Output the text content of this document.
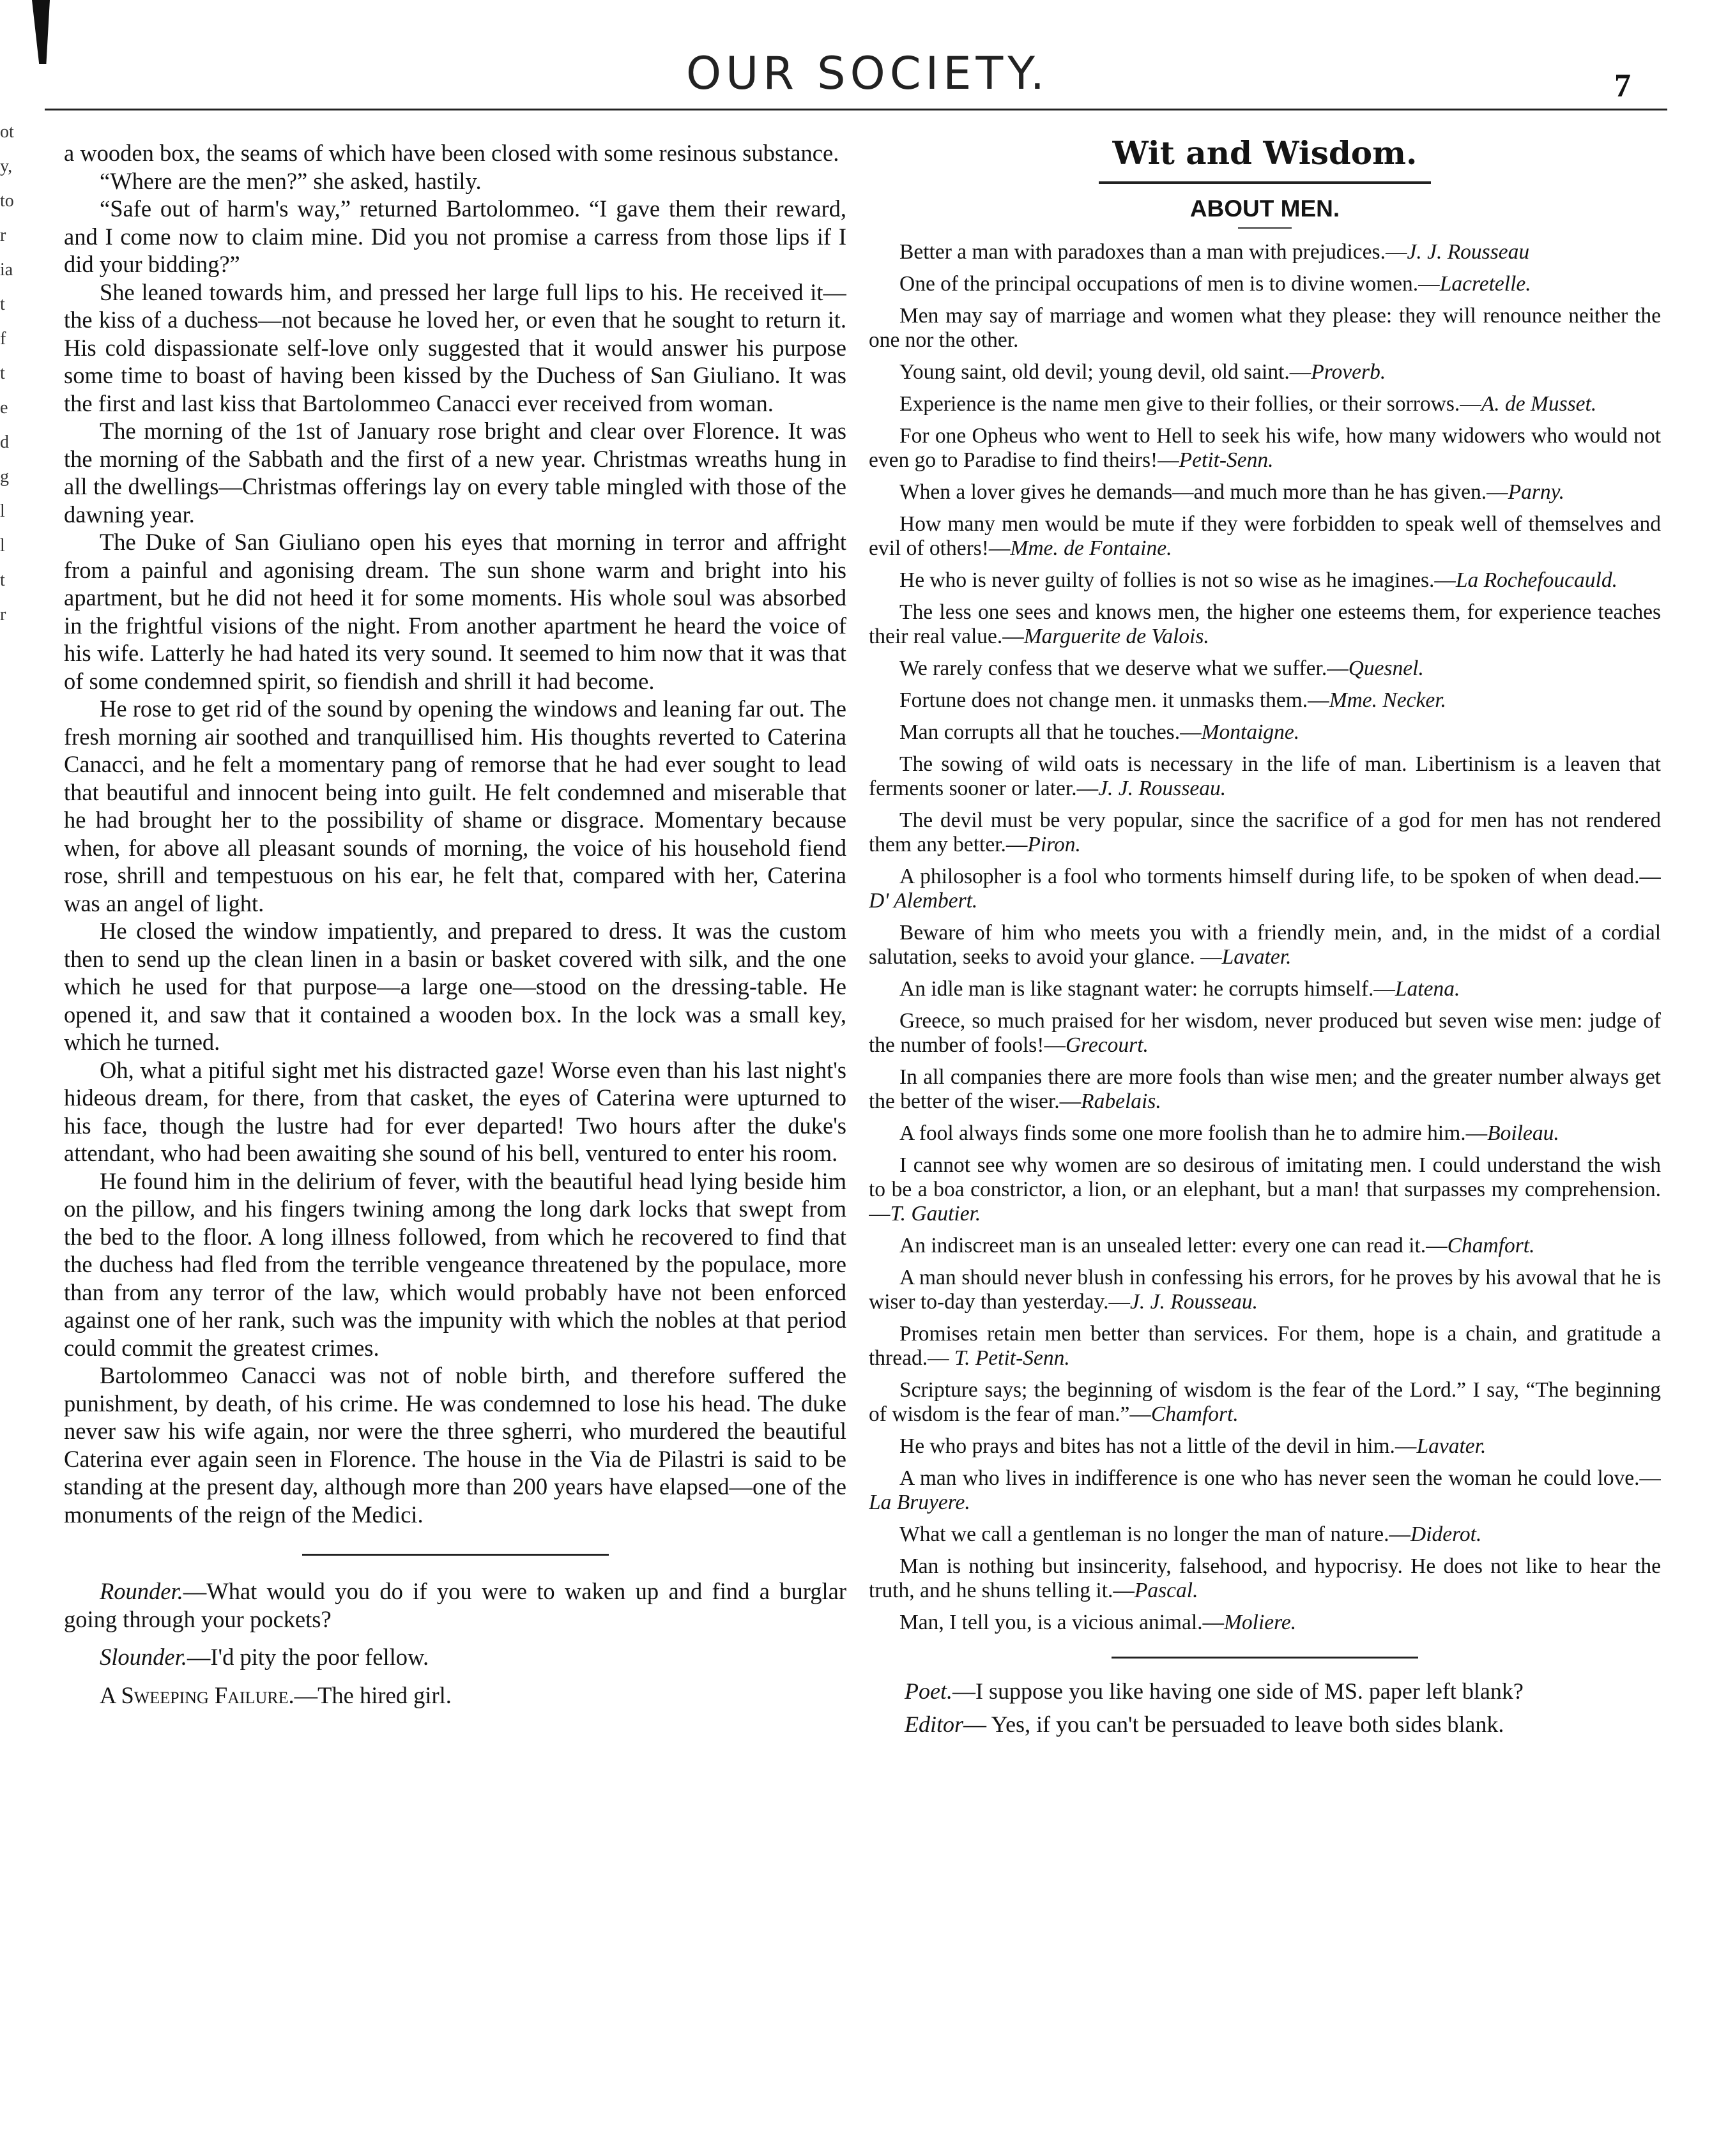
OUR SOCIETY.	7
ot
y,
to
r
ia
t
f
t
e
d
g
l
l
t
r

a wooden box, the seams of which have been closed with some resinous substance.

“Where are the men?” she asked, hastily.

“Safe out of harm's way,” returned Bartolommeo. “I gave them their reward, and I come now to claim mine. Did you not promise a carress from those lips if I did your bidding?”

She leaned towards him, and pressed her large full lips to his. He received it—the kiss of a duchess—not because he loved her, or even that he sought to return it. His cold dispassionate self-love only suggested that it would answer his purpose some time to boast of having been kissed by the Duchess of San Giuliano. It was the first and last kiss that Bartolommeo Canacci ever received from woman.

The morning of the 1st of January rose bright and clear over Florence. It was the morning of the Sabbath and the first of a new year. Christmas wreaths hung in all the dwellings—Christmas offerings lay on every table mingled with those of the dawning year.

The Duke of San Giuliano open his eyes that morning in terror and affright from a painful and agonising dream. The sun shone warm and bright into his apartment, but he did not heed it for some moments. His whole soul was absorbed in the frightful visions of the night. From another apartment he heard the voice of his wife. Latterly he had hated its very sound. It seemed to him now that it was that of some condemned spirit, so fiendish and shrill it had become.

He rose to get rid of the sound by opening the windows and leaning far out. The fresh morning air soothed and tranquillised him. His thoughts reverted to Caterina Canacci, and he felt a momentary pang of remorse that he had ever sought to lead that beautiful and innocent being into guilt. He felt condemned and miserable that he had brought her to the possibility of shame or disgrace. Momentary because when, for above all pleasant sounds of morning, the voice of his household fiend rose, shrill and tempestuous on his ear, he felt that, compared with her, Caterina was an angel of light.

He closed the window impatiently, and prepared to dress. It was the custom then to send up the clean linen in a basin or basket covered with silk, and the one which he used for that purpose—a large one—stood on the dressing-table. He opened it, and saw that it contained a wooden box. In the lock was a small key, which he turned.

Oh, what a pitiful sight met his distracted gaze! Worse even than his last night's hideous dream, for there, from that casket, the eyes of Caterina were upturned to his face, though the lustre had for ever departed! Two hours after the duke's attendant, who had been awaiting she sound of his bell, ventured to enter his room.

He found him in the delirium of fever, with the beautiful head lying beside him on the pillow, and his fingers twining among the long dark locks that swept from the bed to the floor. A long illness followed, from which he recovered to find that the duchess had fled from the terrible vengeance threatened by the populace, more than from any terror of the law, which would probably have not been enforced against one of her rank, such was the impunity with which the nobles at that period could commit the greatest crimes.

Bartolommeo Canacci was not of noble birth, and therefore suffered the punishment, by death, of his crime. He was condemned to lose his head. The duke never saw his wife again, nor were the three sgherri, who murdered the beautiful Caterina ever again seen in Florence. The house in the Via de Pilastri is said to be standing at the present day, although more than 200 years have elapsed—one of the monuments of the reign of the Medici.

Rounder.—What would you do if you were to waken up and find a burglar going through your pockets?

Slounder.—I'd pity the poor fellow.

A Sweeping Failure.—The hired girl.

Wit and Wisdom.
ABOUT MEN.

Better a man with paradoxes than a man with prejudices.—J. J. Rousseau

One of the principal occupations of men is to divine women.—Lacretelle.

Men may say of marriage and women what they please: they will renounce neither the one nor the other.

Young saint, old devil; young devil, old saint.—Proverb.

Experience is the name men give to their follies, or their sorrows.—A. de Musset.

For one Opheus who went to Hell to seek his wife, how many widowers who would not even go to Paradise to find theirs!—Petit-Senn.

When a lover gives he demands—and much more than he has given.—Parny.

How many men would be mute if they were forbidden to speak well of themselves and evil of others!—Mme. de Fontaine.

He who is never guilty of follies is not so wise as he imagines.—La Rochefoucauld.

The less one sees and knows men, the higher one esteems them, for experience teaches their real value.—Marguerite de Valois.

We rarely confess that we deserve what we suffer.—Quesnel.

Fortune does not change men. it unmasks them.—Mme. Necker.

Man corrupts all that he touches.—Montaigne.

The sowing of wild oats is necessary in the life of man. Libertinism is a leaven that ferments sooner or later.—J. J. Rousseau.

The devil must be very popular, since the sacrifice of a god for men has not rendered them any better.—Piron.

A philosopher is a fool who torments himself during life, to be spoken of when dead.—D' Alembert.

Beware of him who meets you with a friendly mein, and, in the midst of a cordial salutation, seeks to avoid your glance. —Lavater.

An idle man is like stagnant water: he corrupts himself.—Latena.

Greece, so much praised for her wisdom, never produced but seven wise men: judge of the number of fools!—Grecourt.

In all companies there are more fools than wise men; and the greater number always get the better of the wiser.—Rabelais.

A fool always finds some one more foolish than he to admire him.—Boileau.

I cannot see why women are so desirous of imitating men. I could understand the wish to be a boa constrictor, a lion, or an elephant, but a man! that surpasses my comprehension.—T. Gautier.

An indiscreet man is an unsealed letter: every one can read it.—Chamfort.

A man should never blush in confessing his errors, for he proves by his avowal that he is wiser to-day than yesterday.—J. J. Rousseau.

Promises retain men better than services. For them, hope is a chain, and gratitude a thread.— T. Petit-Senn.

Scripture says; the beginning of wisdom is the fear of the Lord.” I say, “The beginning of wisdom is the fear of man.”—Chamfort.

He who prays and bites has not a little of the devil in him.—Lavater.

A man who lives in indifference is one who has never seen the woman he could love.—La Bruyere.

What we call a gentleman is no longer the man of nature.—Diderot.

Man is nothing but insincerity, falsehood, and hypocrisy. He does not like to hear the truth, and he shuns telling it.—Pascal.

Man, I tell you, is a vicious animal.—Moliere.

Poet.—I suppose you like having one side of MS. paper left blank?

Editor— Yes, if you can't be persuaded to leave both sides blank.
